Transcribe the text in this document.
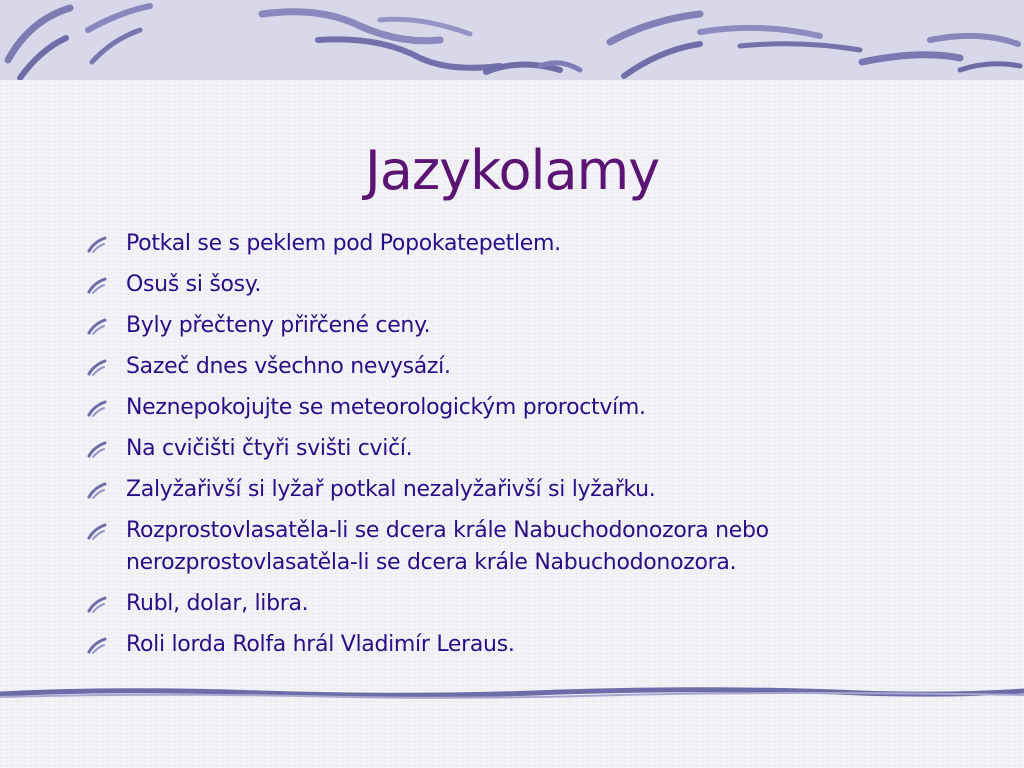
Jazykolamy
Potkal se s peklem pod Popokatepetlem.
Osuš si šosy.
Byly přečteny přiřčené ceny.
Sazeč dnes všechno nevysází.
Neznepokojujte se meteorologickým proroctvím.
Na cvičišti čtyři svišti cvičí.
Zalyžařivší si lyžař potkal nezalyžařivší si lyžařku.
Rozprostovlasatěla-li se dcera krále Nabuchodonozora nebo nerozprostovlasatěla-li se dcera krále Nabuchodonozora.
Rubl, dolar, libra.
Roli lorda Rolfa hrál Vladimír Leraus.
